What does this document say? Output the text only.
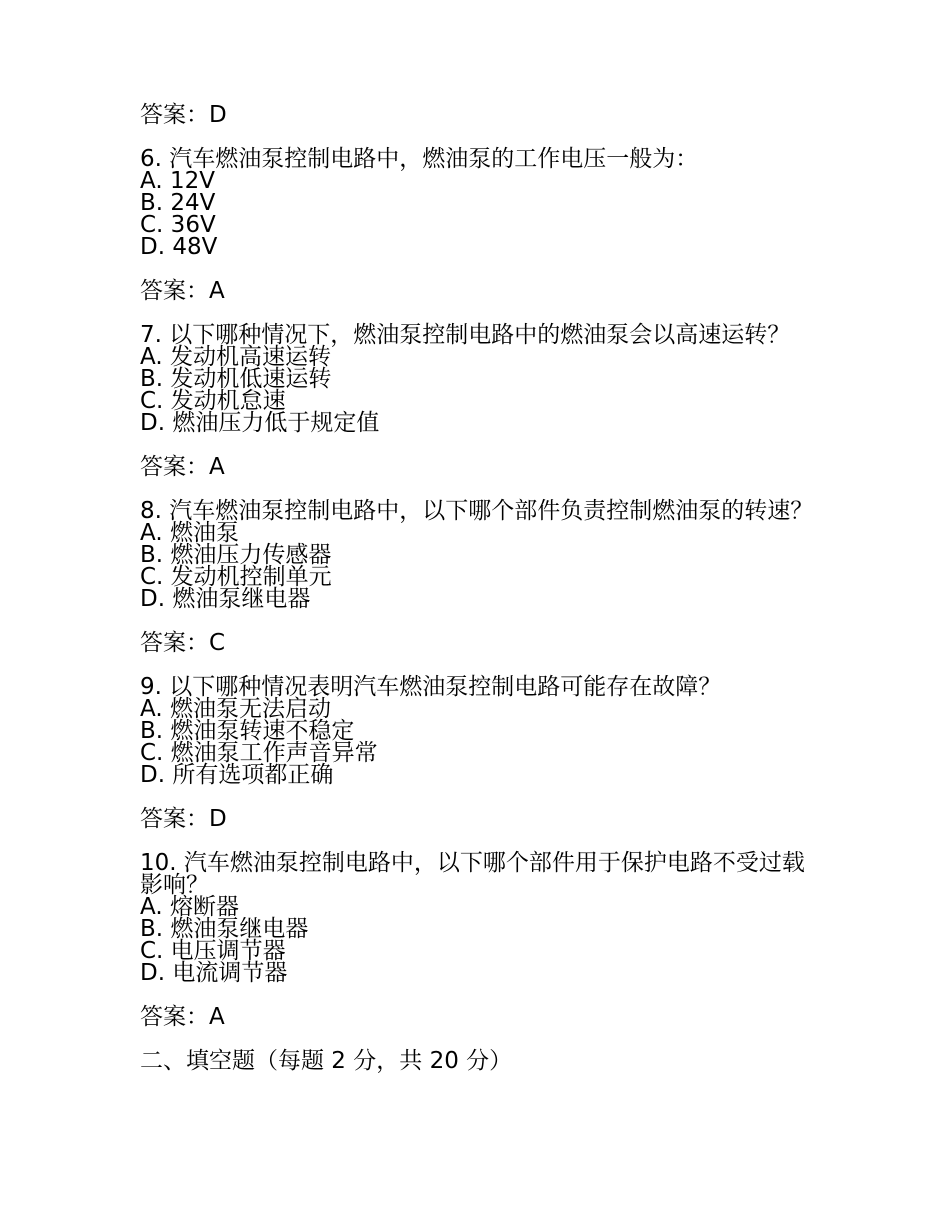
答案：D
6. 汽车燃油泵控制电路中，燃油泵的工作电压一般为：
A. 12V
B. 24V
C. 36V
D. 48V
答案：A
7. 以下哪种情况下，燃油泵控制电路中的燃油泵会以高速运转？
A. 发动机高速运转
B. 发动机低速运转
C. 发动机怠速
D. 燃油压力低于规定值
答案：A
8. 汽车燃油泵控制电路中，以下哪个部件负责控制燃油泵的转速？
A. 燃油泵
B. 燃油压力传感器
C. 发动机控制单元
D. 燃油泵继电器
答案：C
9. 以下哪种情况表明汽车燃油泵控制电路可能存在故障？
A. 燃油泵无法启动
B. 燃油泵转速不稳定
C. 燃油泵工作声音异常
D. 所有选项都正确
答案：D
10. 汽车燃油泵控制电路中，以下哪个部件用于保护电路不受过载影响？
A. 熔断器
B. 燃油泵继电器
C. 电压调节器
D. 电流调节器
答案：A
二、填空题（每题 2 分，共 20 分）
